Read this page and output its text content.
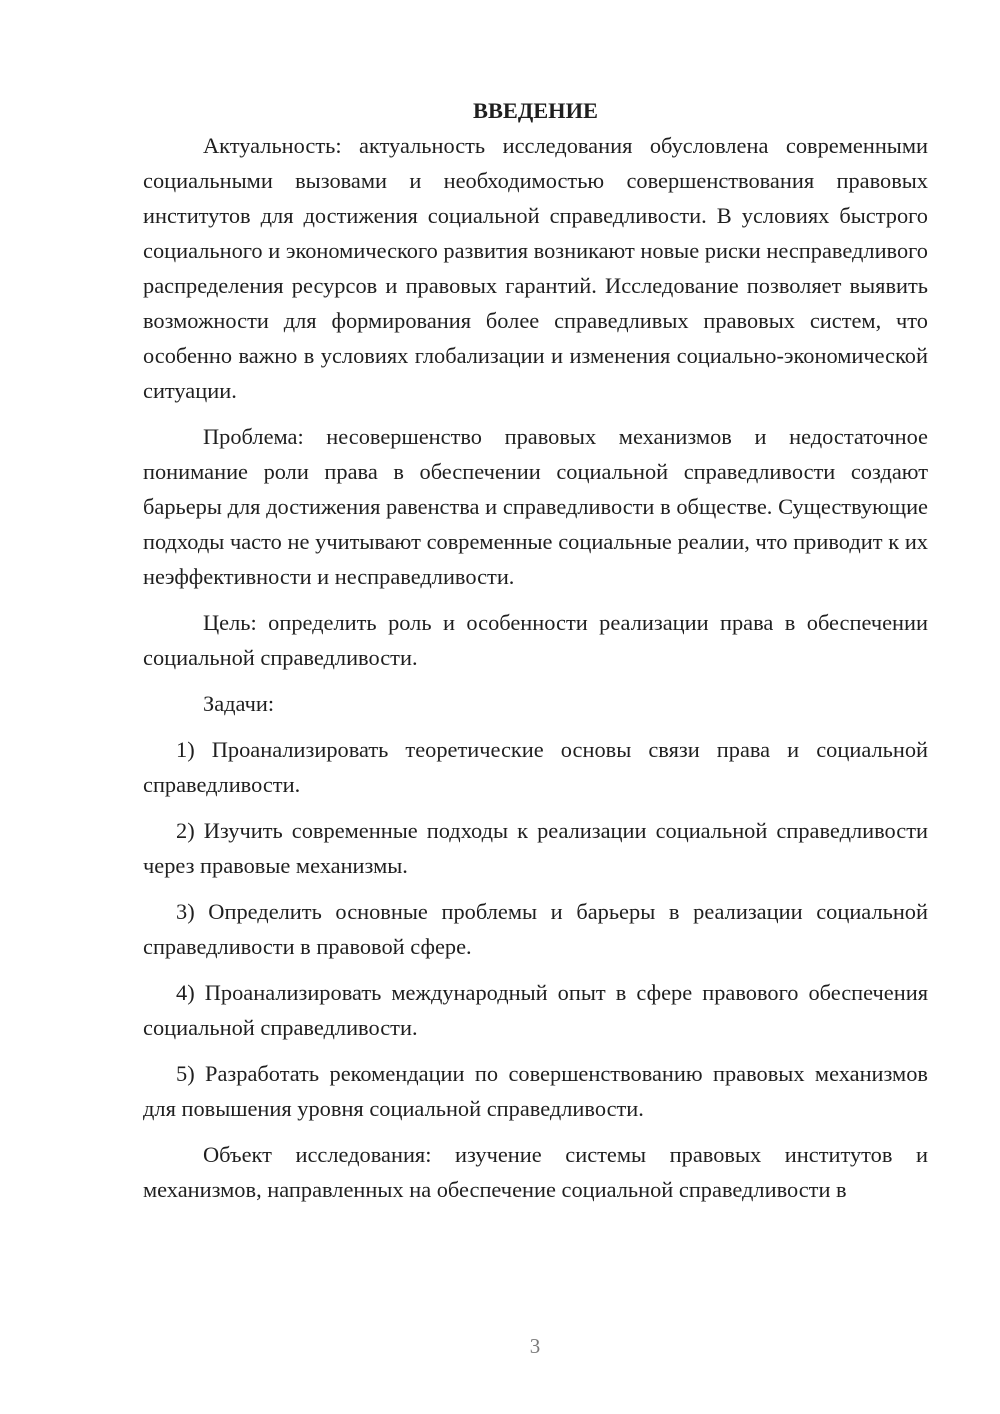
ВВЕДЕНИЕ

Актуальность: актуальность исследования обусловлена современными социальными вызовами и необходимостью совершенствования правовых институтов для достижения социальной справедливости. В условиях быстрого социального и экономического развития возникают новые риски несправедливого распределения ресурсов и правовых гарантий. Исследование позволяет выявить возможности для формирования более справедливых правовых систем, что особенно важно в условиях глобализации и изменения социально-экономической ситуации.

Проблема: несовершенство правовых механизмов и недостаточное понимание роли права в обеспечении социальной справедливости создают барьеры для достижения равенства и справедливости в обществе. Существующие подходы часто не учитывают современные социальные реалии, что приводит к их неэффективности и несправедливости.

Цель: определить роль и особенности реализации права в обеспечении социальной справедливости.

Задачи:

1) Проанализировать теоретические основы связи права и социальной справедливости.

2) Изучить современные подходы к реализации социальной справедливости через правовые механизмы.

3) Определить основные проблемы и барьеры в реализации социальной справедливости в правовой сфере.

4) Проанализировать международный опыт в сфере правового обеспечения социальной справедливости.

5) Разработать рекомендации по совершенствованию правовых механизмов для повышения уровня социальной справедливости.

Объект исследования: изучение системы правовых институтов и механизмов, направленных на обеспечение социальной справедливости в

3
